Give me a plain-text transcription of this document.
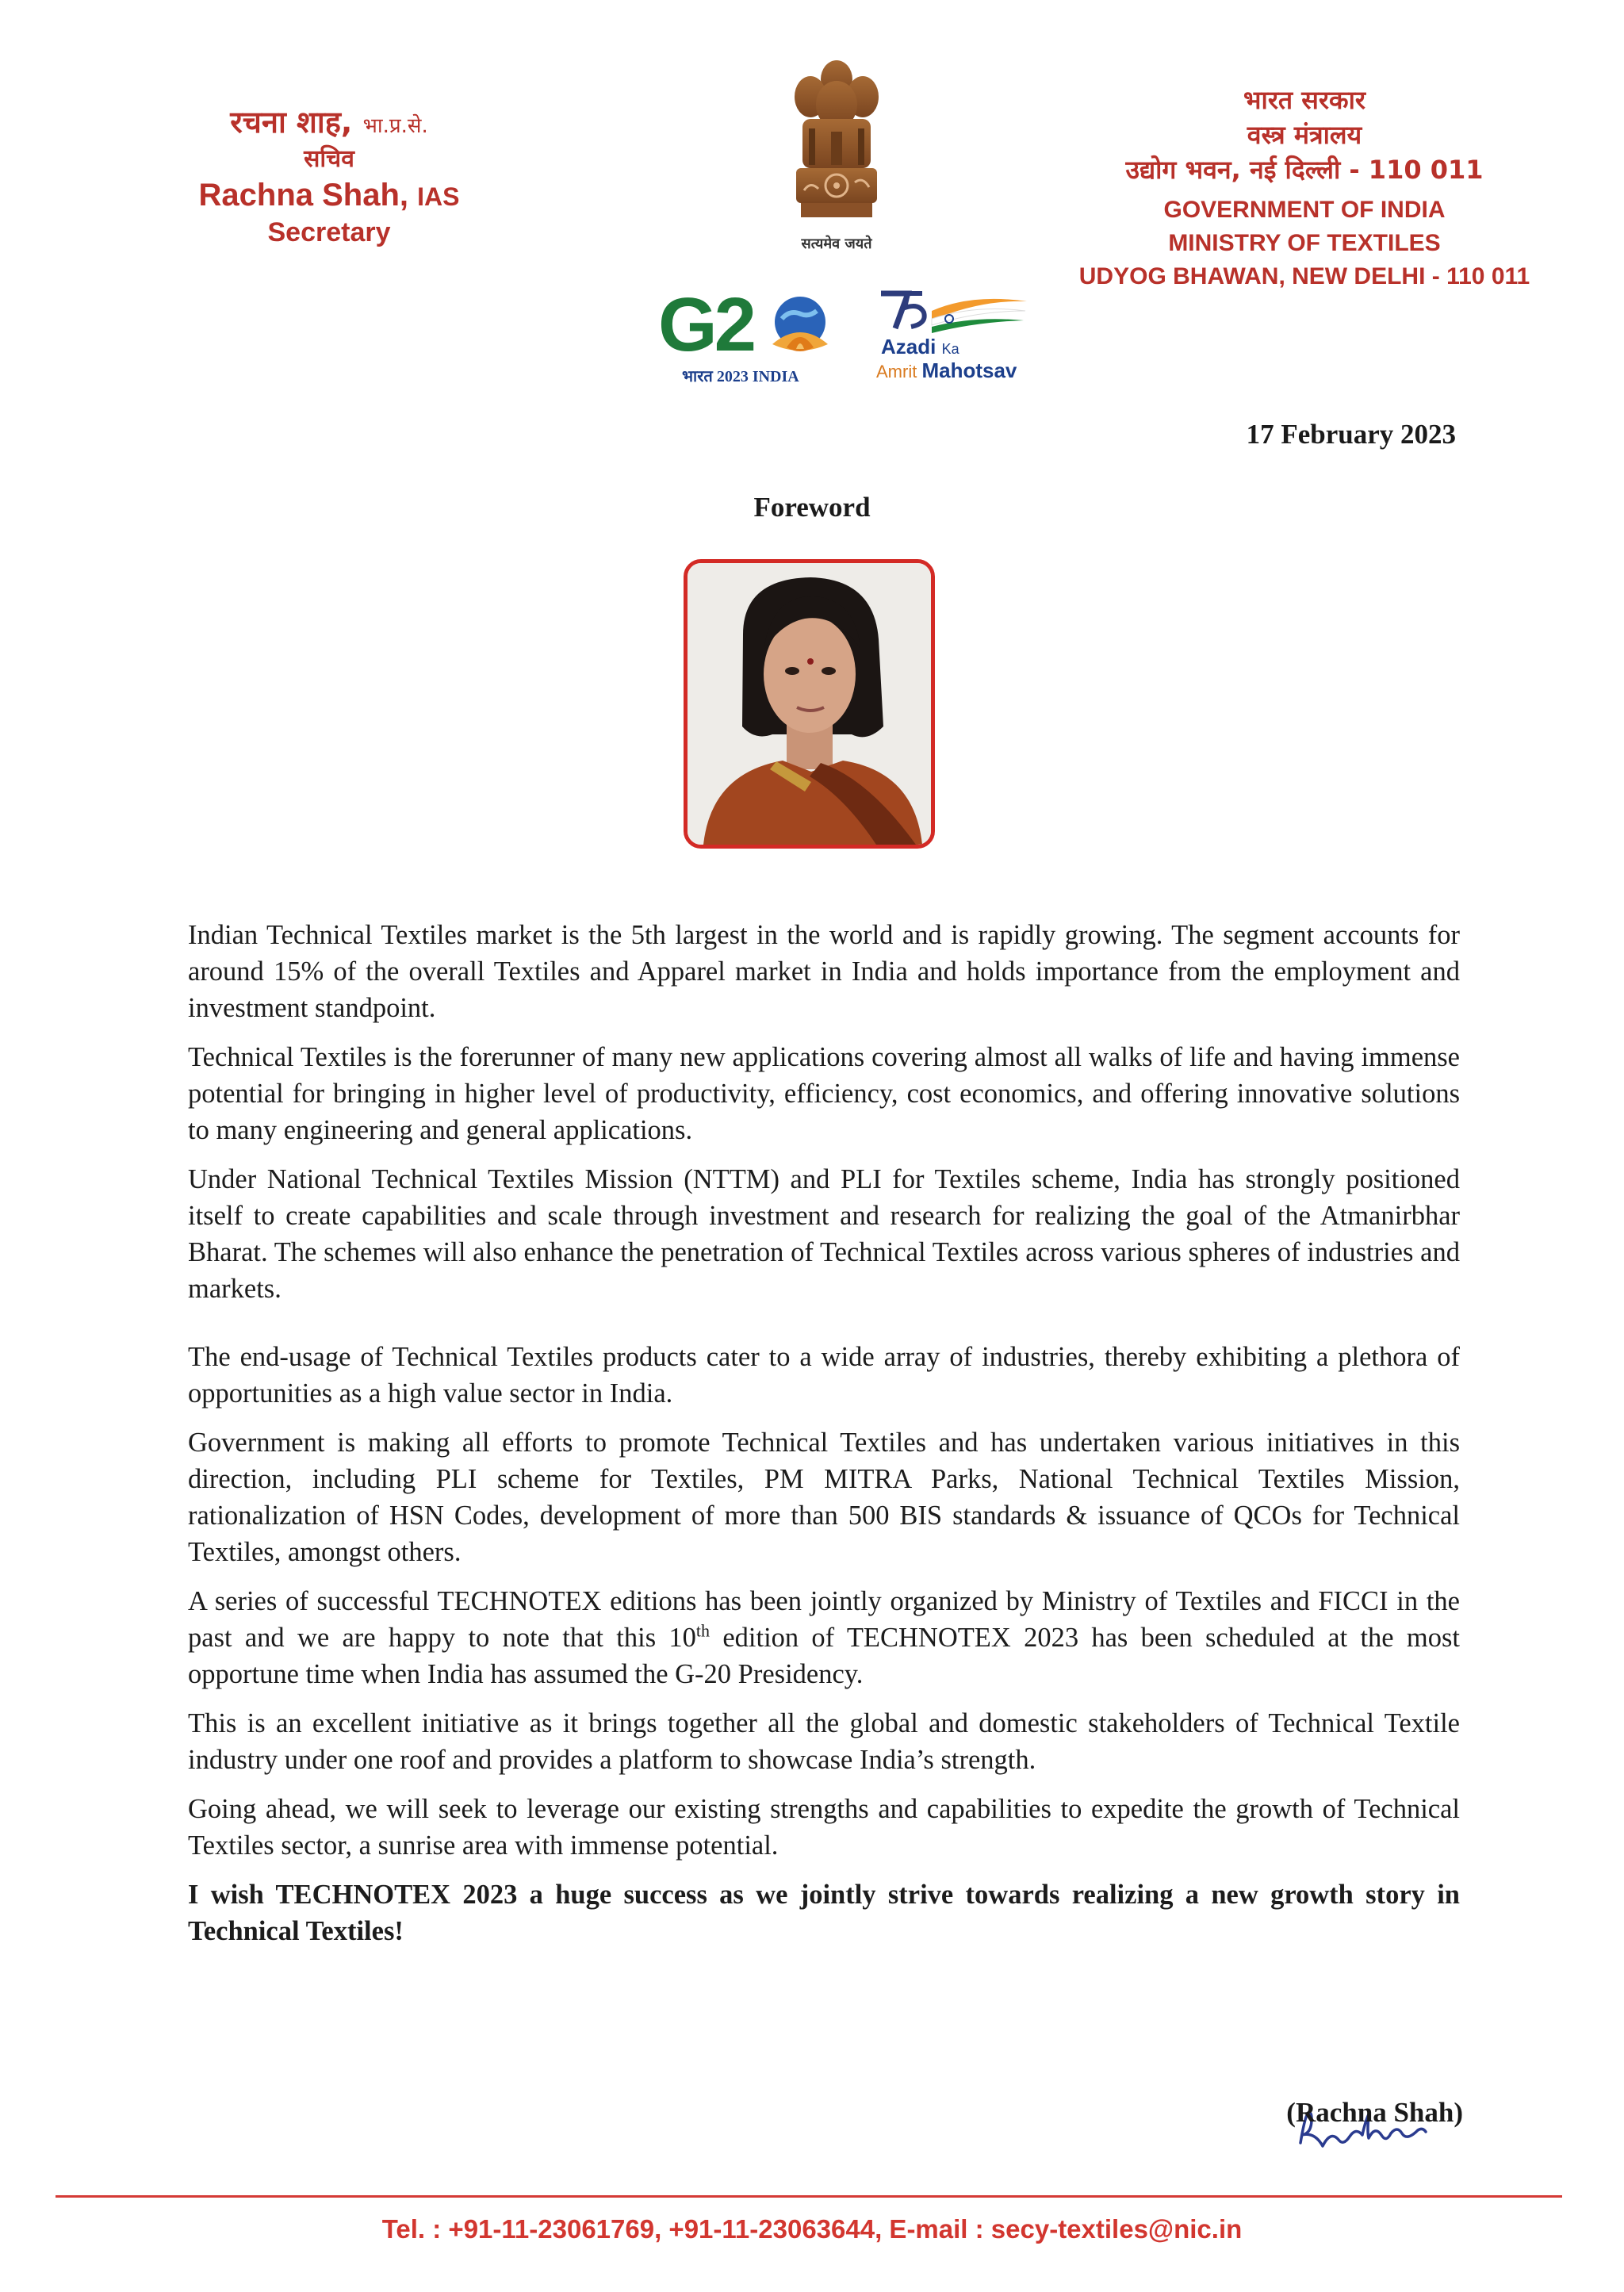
रचना शाह, भा.प्र.से.
सचिव
Rachna Shah, IAS
Secretary	सत्यमेव जयते
भारत सरकार
वस्त्र मंत्रालय
उद्योग भवन, नई दिल्ली - 110 011
GOVERNMENT OF INDIA
MINISTRY OF TEXTILES
UDYOG BHAWAN, NEW DELHI - 110 011
G2
भारत 2023 INDIA
Azadi Ka
Amrit Mahotsav
17 February 2023
Foreword

Indian Technical Textiles market is the 5th largest in the world and is rapidly growing. The segment accounts for around 15% of the overall Textiles and Apparel market in India and holds importance from the employment and investment standpoint.

Technical Textiles is the forerunner of many new applications covering almost all walks of life and having immense potential for bringing in higher level of productivity, efficiency, cost economics, and offering innovative solutions to many engineering and general applications.

Under National Technical Textiles Mission (NTTM) and PLI for Textiles scheme, India has strongly positioned itself to create capabilities and scale through investment and research for realizing the goal of the Atmanirbhar Bharat. The schemes will also enhance the penetration of Technical Textiles across various spheres of industries and markets.

The end-usage of Technical Textiles products cater to a wide array of industries, thereby exhibiting a plethora of opportunities as a high value sector in India.

Government is making all efforts to promote Technical Textiles and has undertaken various initiatives in this direction, including PLI scheme for Textiles, PM MITRA Parks, National Technical Textiles Mission, rationalization of HSN Codes, development of more than 500 BIS standards & issuance of QCOs for Technical Textiles, amongst others.

A series of successful TECHNOTEX editions has been jointly organized by Ministry of Textiles and FICCI in the past and we are happy to note that this 10th edition of TECHNOTEX 2023 has been scheduled at the most opportune time when India has assumed the G-20 Presidency.

This is an excellent initiative as it brings together all the global and domestic stakeholders of Technical Textile industry under one roof and provides a platform to showcase India’s strength.

Going ahead, we will seek to leverage our existing strengths and capabilities to expedite the growth of Technical Textiles sector, a sunrise area with immense potential.

I wish TECHNOTEX 2023 a huge success as we jointly strive towards realizing a new growth story in Technical Textiles!

(Rachna Shah)
Tel. : +91-11-23061769, +91-11-23063644, E-mail : secy-textiles@nic.in
